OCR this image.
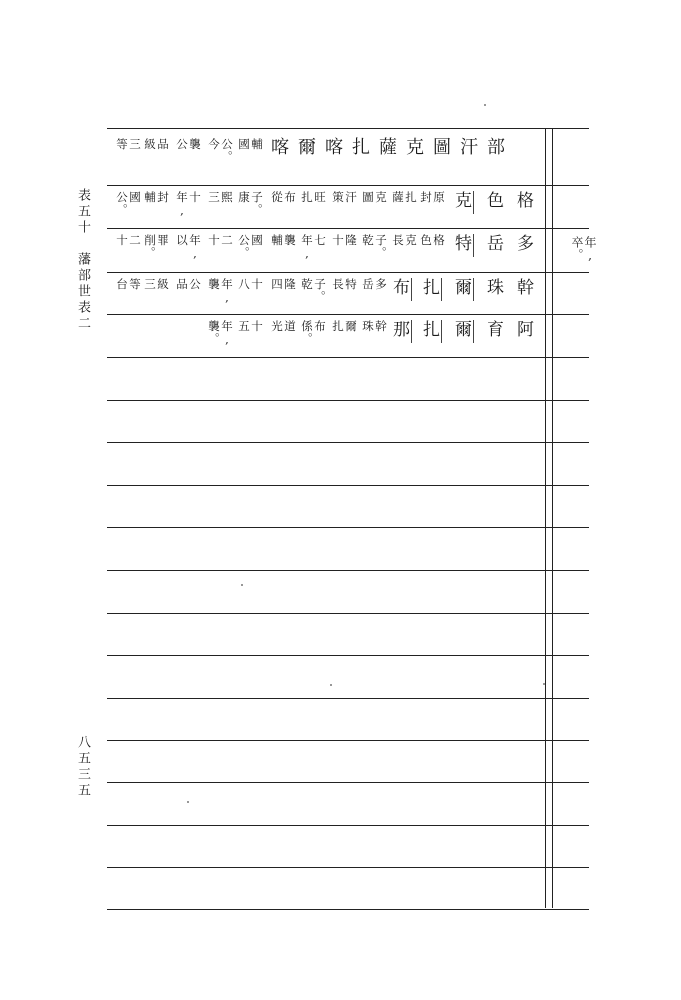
表五十　藩部世表二
八五三五
年,
卒。
喀爾喀扎薩克圖汗部
輔
國
公。
今
襲
公
品
級
三
等
格
色
克
原
封
扎
薩
克
圖
汗
策
旺
扎
布
從
子。
康
熙
三
十
年,
封
輔
國
公。
多
岳
特
格
色
克
長
子。
乾
隆
十
七
年,
襲
輔
國
公。
二
十
年,
以
罪
削。
二
十
幹
珠
爾
扎
布
多
岳
特
長
子。
乾
隆
四
十
八
年,
襲
公
品
級
三
等
台
阿
育
爾
扎
那
幹
珠
爾
扎
布
係。
道
光
十
五
年,
襲。
